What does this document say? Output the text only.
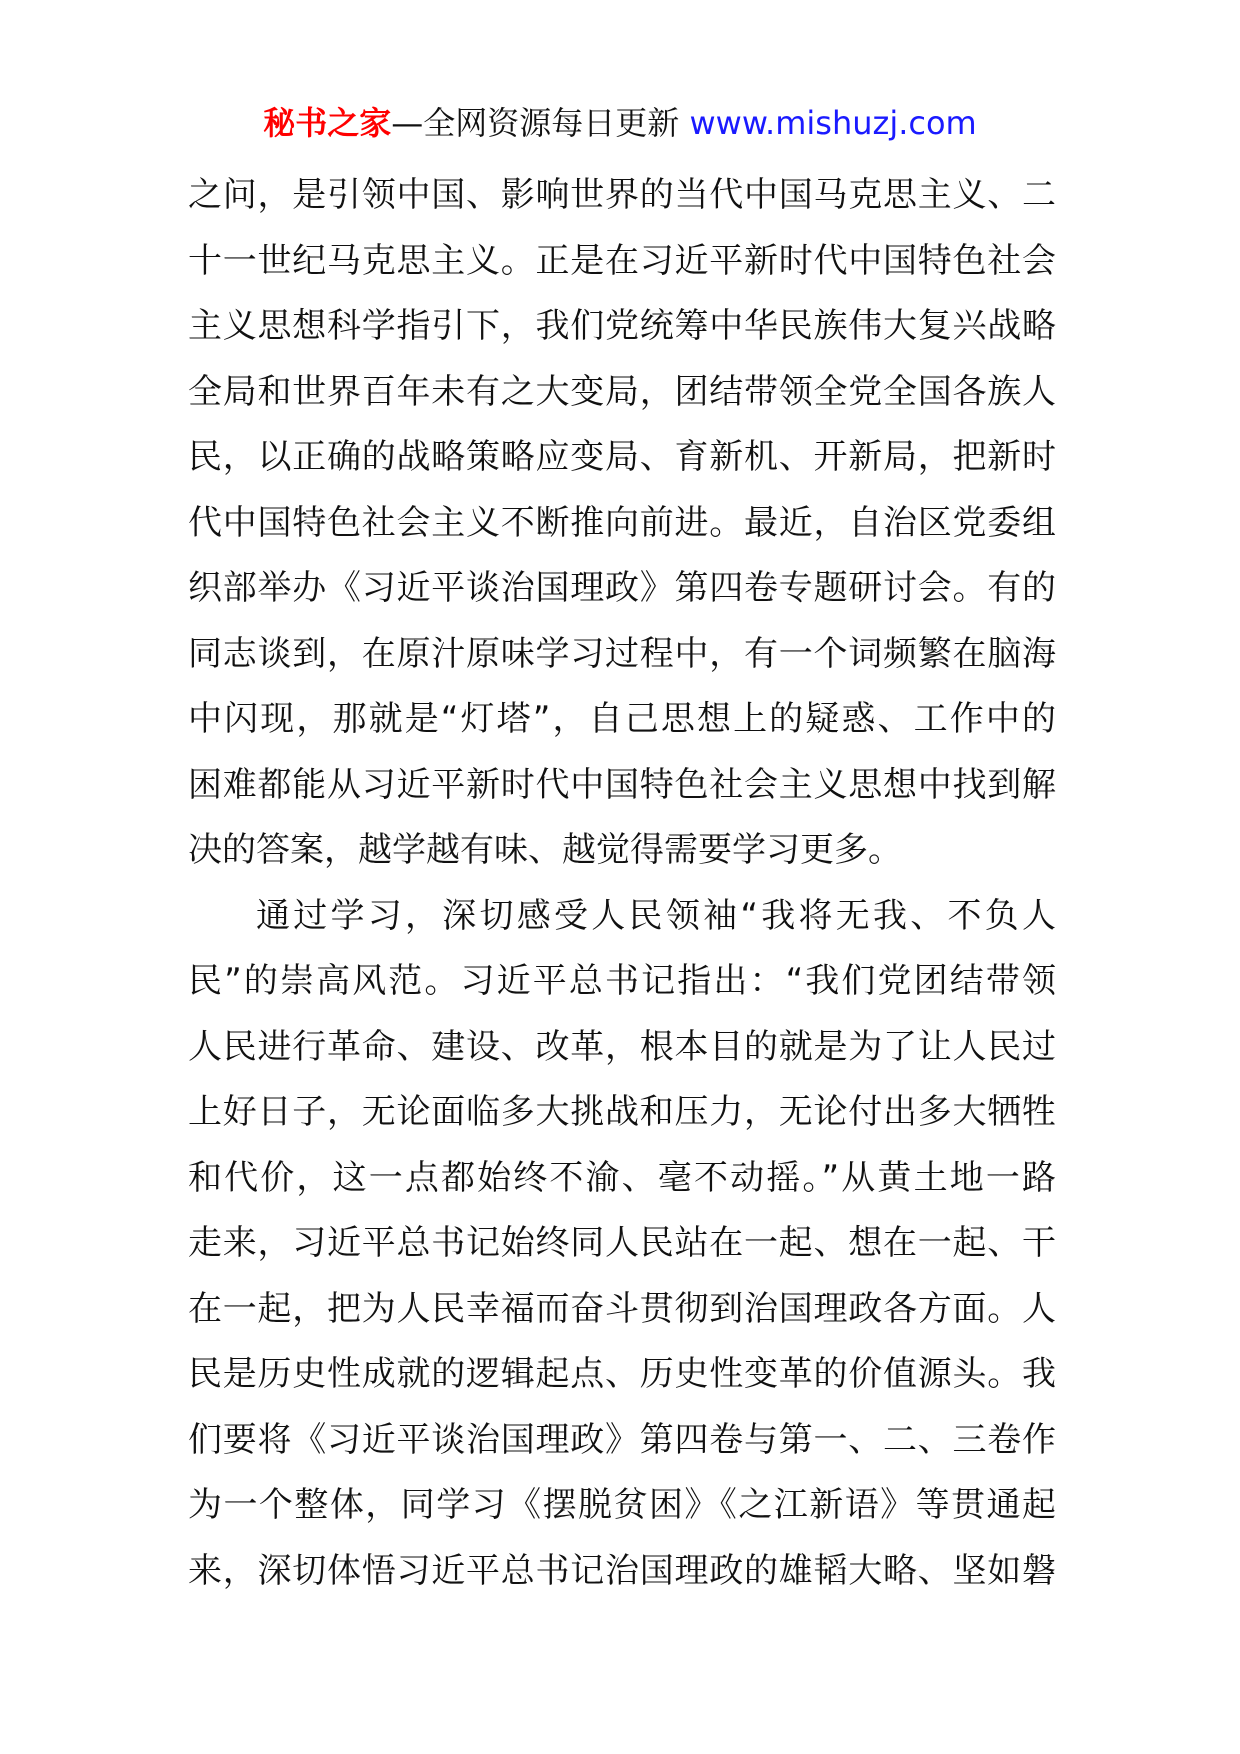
秘书之家—全网资源每日更新 www.mishuzj.com
之问，是引领中国、影响世界的当代中国马克思主义、二
十一世纪马克思主义。正是在习近平新时代中国特色社会
主义思想科学指引下，我们党统筹中华民族伟大复兴战略
全局和世界百年未有之大变局，团结带领全党全国各族人
民，以正确的战略策略应变局、育新机、开新局，把新时
代中国特色社会主义不断推向前进。最近，自治区党委组
织部举办《习近平谈治国理政》第四卷专题研讨会。有的
同志谈到，在原汁原味学习过程中，有一个词频繁在脑海
中闪现，那就是“灯塔”，自己思想上的疑惑、工作中的
困难都能从习近平新时代中国特色社会主义思想中找到解
决的答案，越学越有味、越觉得需要学习更多。
通过学习，深切感受人民领袖“我将无我、不负人
民”的崇高风范。习近平总书记指出：“我们党团结带领
人民进行革命、建设、改革，根本目的就是为了让人民过
上好日子，无论面临多大挑战和压力，无论付出多大牺牲
和代价，这一点都始终不渝、毫不动摇。”从黄土地一路
走来，习近平总书记始终同人民站在一起、想在一起、干
在一起，把为人民幸福而奋斗贯彻到治国理政各方面。人
民是历史性成就的逻辑起点、历史性变革的价值源头。我
们要将《习近平谈治国理政》第四卷与第一、二、三卷作
为一个整体，同学习《摆脱贫困》《之江新语》等贯通起
来，深切体悟习近平总书记治国理政的雄韬大略、坚如磐
